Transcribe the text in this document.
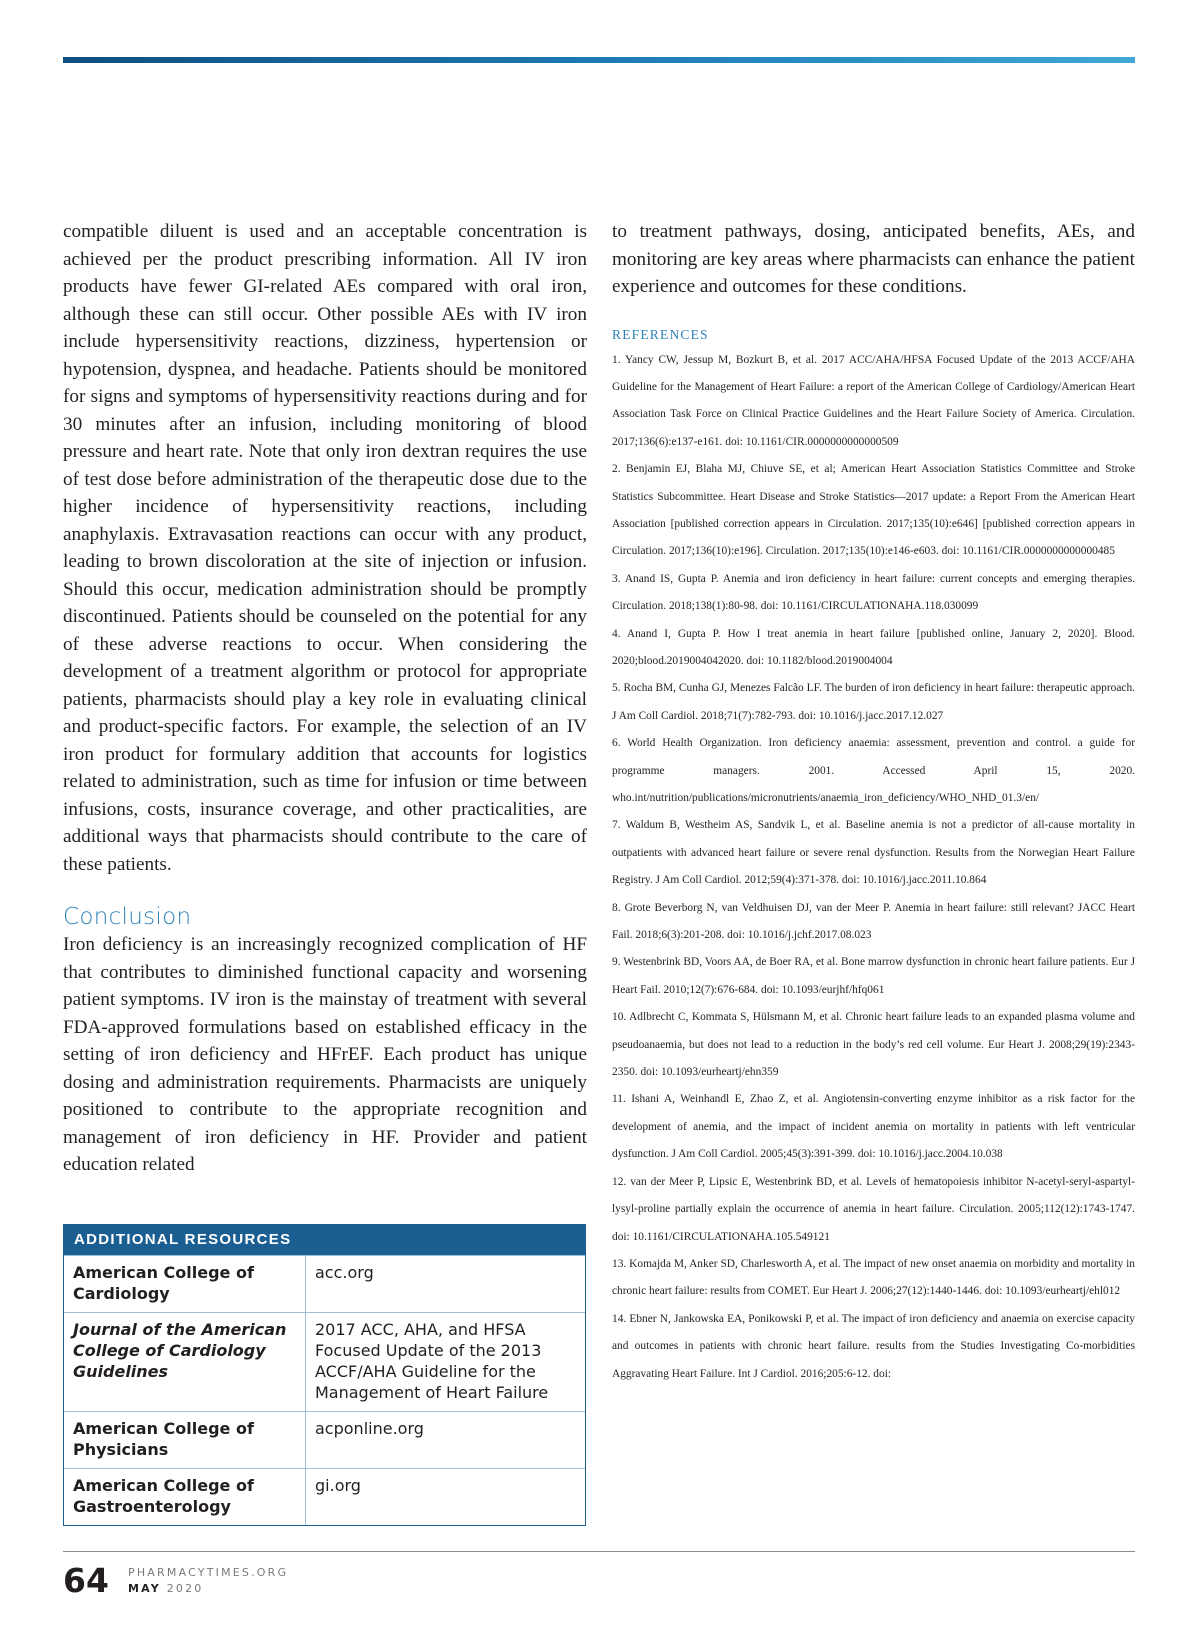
compatible diluent is used and an acceptable concentration is achieved per the product prescribing information. All IV iron products have fewer GI-related AEs compared with oral iron, although these can still occur. Other possible AEs with IV iron include hypersensitivity reactions, dizziness, hypertension or hypotension, dyspnea, and headache. Patients should be monitored for signs and symptoms of hypersensitivity reactions during and for 30 minutes after an infusion, including monitoring of blood pressure and heart rate. Note that only iron dextran requires the use of test dose before administration of the therapeutic dose due to the higher incidence of hypersensitivity reactions, including anaphylaxis. Extravasation reactions can occur with any product, leading to brown discoloration at the site of injection or infusion. Should this occur, medication administration should be promptly discontinued. Patients should be counseled on the potential for any of these adverse reactions to occur. When considering the development of a treatment algorithm or protocol for appropriate patients, pharmacists should play a key role in evaluating clinical and product-specific factors. For example, the selection of an IV iron product for formulary addition that accounts for logistics related to administration, such as time for infusion or time between infusions, costs, insurance coverage, and other practicalities, are additional ways that pharmacists should contribute to the care of these patients.

Conclusion

Iron deficiency is an increasingly recognized complication of HF that contributes to diminished functional capacity and worsening patient symptoms. IV iron is the mainstay of treatment with several FDA-approved formulations based on established efficacy in the setting of iron deficiency and HFrEF. Each product has unique dosing and administration requirements. Pharmacists are uniquely positioned to contribute to the appropriate recognition and management of iron deficiency in HF. Provider and patient education related

ADDITIONAL RESOURCES
American College of Cardiology
acc.org
Journal of the American College of Cardiology Guidelines
2017 ACC, AHA, and HFSA Focused Update of the 2013 ACCF/AHA Guideline for the Management of Heart Failure
American College of Physicians
acponline.org
American College of Gastroenterology
gi.org

to treatment pathways, dosing, anticipated benefits, AEs, and monitoring are key areas where pharmacists can enhance the patient experience and outcomes for these conditions.

REFERENCES
1. Yancy CW, Jessup M, Bozkurt B, et al. 2017 ACC/AHA/HFSA Focused Update of the 2013 ACCF/AHA Guideline for the Management of Heart Failure: a report of the American College of Cardiology/American Heart Association Task Force on Clinical Practice Guidelines and the Heart Failure Society of America. Circulation. 2017;136(6):e137-e161. doi: 10.1161/CIR.0000000000000509
2. Benjamin EJ, Blaha MJ, Chiuve SE, et al; American Heart Association Statistics Committee and Stroke Statistics Subcommittee. Heart Disease and Stroke Statistics—2017 update: a Report From the American Heart Association [published correction appears in Circulation. 2017;135(10):e646] [published correction appears in Circulation. 2017;136(10):e196]. Circulation. 2017;135(10):e146-e603. doi: 10.1161/CIR.0000000000000485
3. Anand IS, Gupta P. Anemia and iron deficiency in heart failure: current concepts and emerging therapies. Circulation. 2018;138(1):80-98. doi: 10.1161/CIRCULATIONAHA.118.030099
4. Anand I, Gupta P. How I treat anemia in heart failure [published online, January 2, 2020]. Blood. 2020;blood.2019004042020. doi: 10.1182/blood.2019004004
5. Rocha BM, Cunha GJ, Menezes Falcão LF. The burden of iron deficiency in heart failure: therapeutic approach. J Am Coll Cardiol. 2018;71(7):782-793. doi: 10.1016/j.jacc.2017.12.027
6. World Health Organization. Iron deficiency anaemia: assessment, prevention and control. a guide for programme managers. 2001. Accessed April 15, 2020. who.int/nutrition/publications/micronutrients/anaemia_iron_deficiency/WHO_NHD_01.3/en/
7. Waldum B, Westheim AS, Sandvik L, et al. Baseline anemia is not a predictor of all-cause mortality in outpatients with advanced heart failure or severe renal dysfunction. Results from the Norwegian Heart Failure Registry. J Am Coll Cardiol. 2012;59(4):371-378. doi: 10.1016/j.jacc.2011.10.864
8. Grote Beverborg N, van Veldhuisen DJ, van der Meer P. Anemia in heart failure: still relevant? JACC Heart Fail. 2018;6(3):201-208. doi: 10.1016/j.jchf.2017.08.023
9. Westenbrink BD, Voors AA, de Boer RA, et al. Bone marrow dysfunction in chronic heart failure patients. Eur J Heart Fail. 2010;12(7):676-684. doi: 10.1093/eurjhf/hfq061
10. Adlbrecht C, Kommata S, Hülsmann M, et al. Chronic heart failure leads to an expanded plasma volume and pseudoanaemia, but does not lead to a reduction in the body’s red cell volume. Eur Heart J. 2008;29(19):2343-2350. doi: 10.1093/eurheartj/ehn359
11. Ishani A, Weinhandl E, Zhao Z, et al. Angiotensin-converting enzyme inhibitor as a risk factor for the development of anemia, and the impact of incident anemia on mortality in patients with left ventricular dysfunction. J Am Coll Cardiol. 2005;45(3):391-399. doi: 10.1016/j.jacc.2004.10.038
12. van der Meer P, Lipsic E, Westenbrink BD, et al. Levels of hematopoiesis inhibitor N-acetyl-seryl-aspartyl-lysyl-proline partially explain the occurrence of anemia in heart failure. Circulation. 2005;112(12):1743-1747. doi: 10.1161/CIRCULATIONAHA.105.549121
13. Komajda M, Anker SD, Charlesworth A, et al. The impact of new onset anaemia on morbidity and mortality in chronic heart failure: results from COMET. Eur Heart J. 2006;27(12):1440-1446. doi: 10.1093/eurheartj/ehl012
14. Ebner N, Jankowska EA, Ponikowski P, et al. The impact of iron deficiency and anaemia on exercise capacity and outcomes in patients with chronic heart failure. results from the Studies Investigating Co-morbidities Aggravating Heart Failure. Int J Cardiol. 2016;205:6-12. doi:
64 PHARMACYTIMES.ORG
MAY 2020
